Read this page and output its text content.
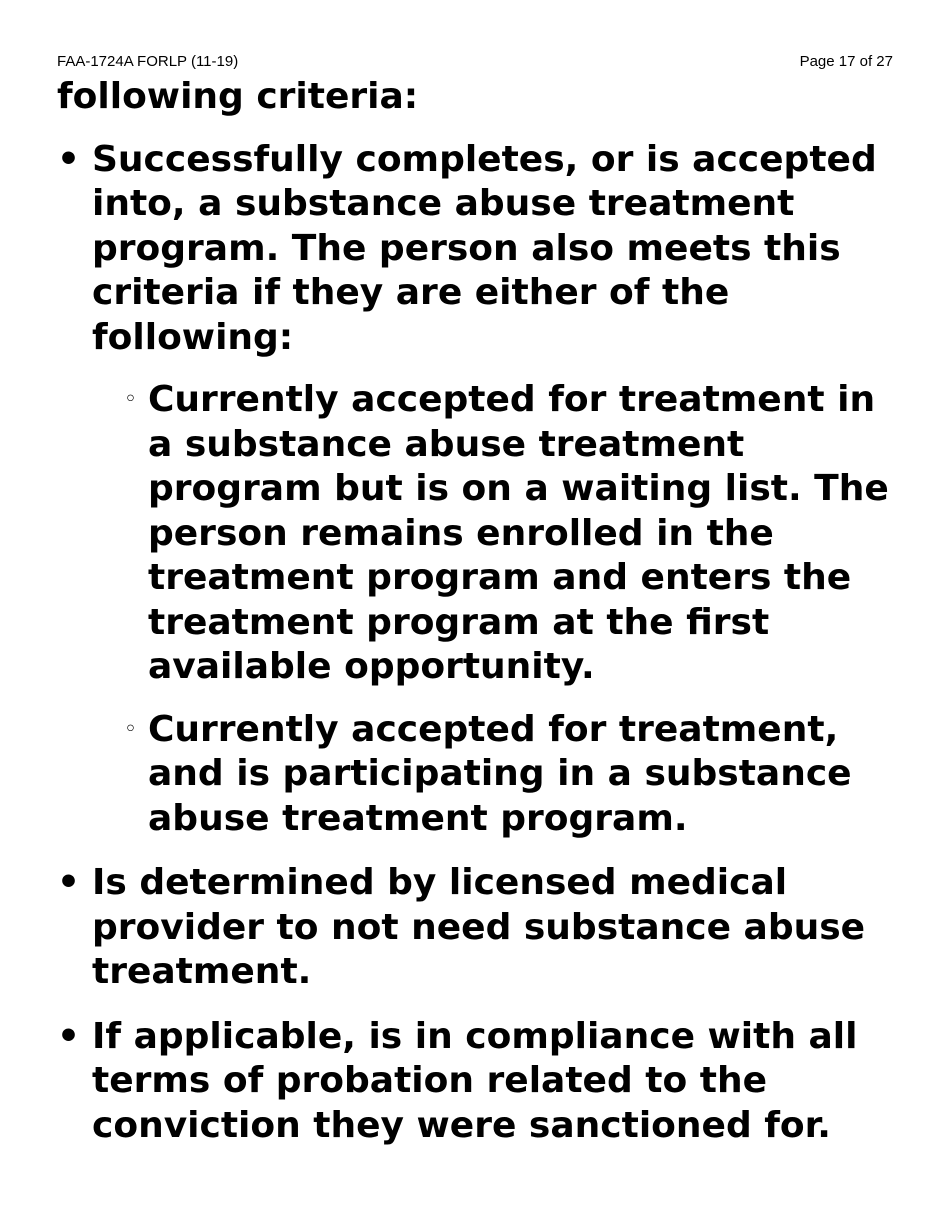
FAA-1724A FORLP (11-19)	Page 17 of 27

following criteria:

• Successfully completes, or is accepted into, a substance abuse treatment program. The person also meets this criteria if they are either of the following:
◦ Currently accepted for treatment in a substance abuse treatment program but is on a waiting list. The person remains enrolled in the treatment program and enters the treatment program at the first available opportunity.
◦ Currently accepted for treatment, and is participating in a substance abuse treatment program.
• Is determined by licensed medical provider to not need substance abuse treatment.
• If applicable, is in compliance with all terms of probation related to the conviction they were sanctioned for.
